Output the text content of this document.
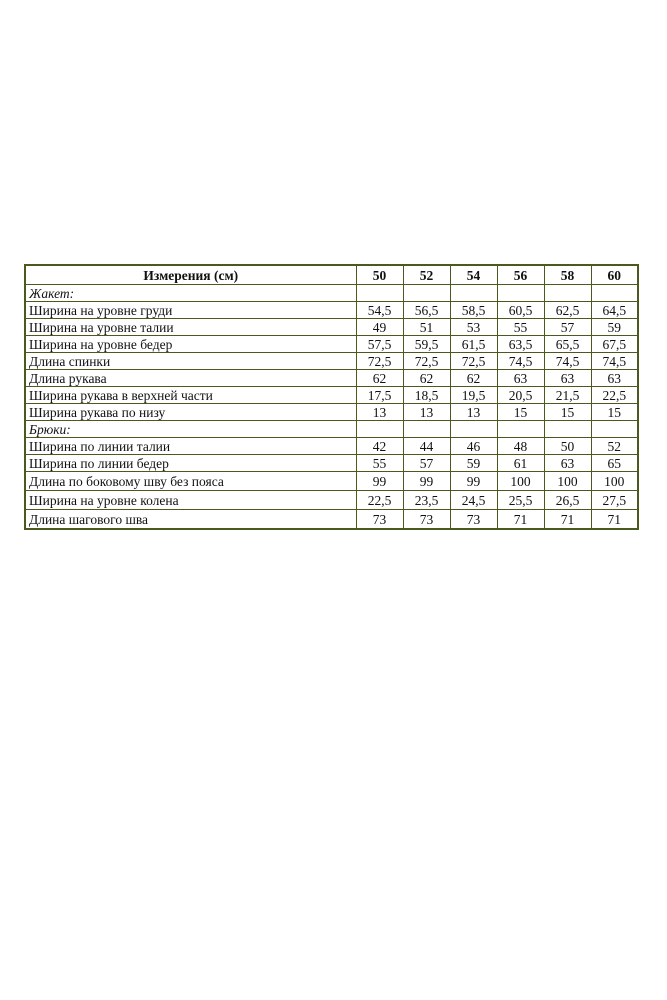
Измерения (см)	50	52	54	56	58	60
Жакет:						
Ширина на уровне груди	54,5	56,5	58,5	60,5	62,5	64,5
Ширина на уровне талии	49	51	53	55	57	59
Ширина на уровне бедер	57,5	59,5	61,5	63,5	65,5	67,5
Длина спинки	72,5	72,5	72,5	74,5	74,5	74,5
Длина рукава	62	62	62	63	63	63
Ширина рукава в верхней части	17,5	18,5	19,5	20,5	21,5	22,5
Ширина рукава по низу	13	13	13	15	15	15
Брюки:						
Ширина по линии талии	42	44	46	48	50	52
Ширина по линии бедер	55	57	59	61	63	65
Длина по боковому шву без пояса	99	99	99	100	100	100
Ширина на уровне колена	22,5	23,5	24,5	25,5	26,5	27,5
Длина шагового шва	73	73	73	71	71	71
